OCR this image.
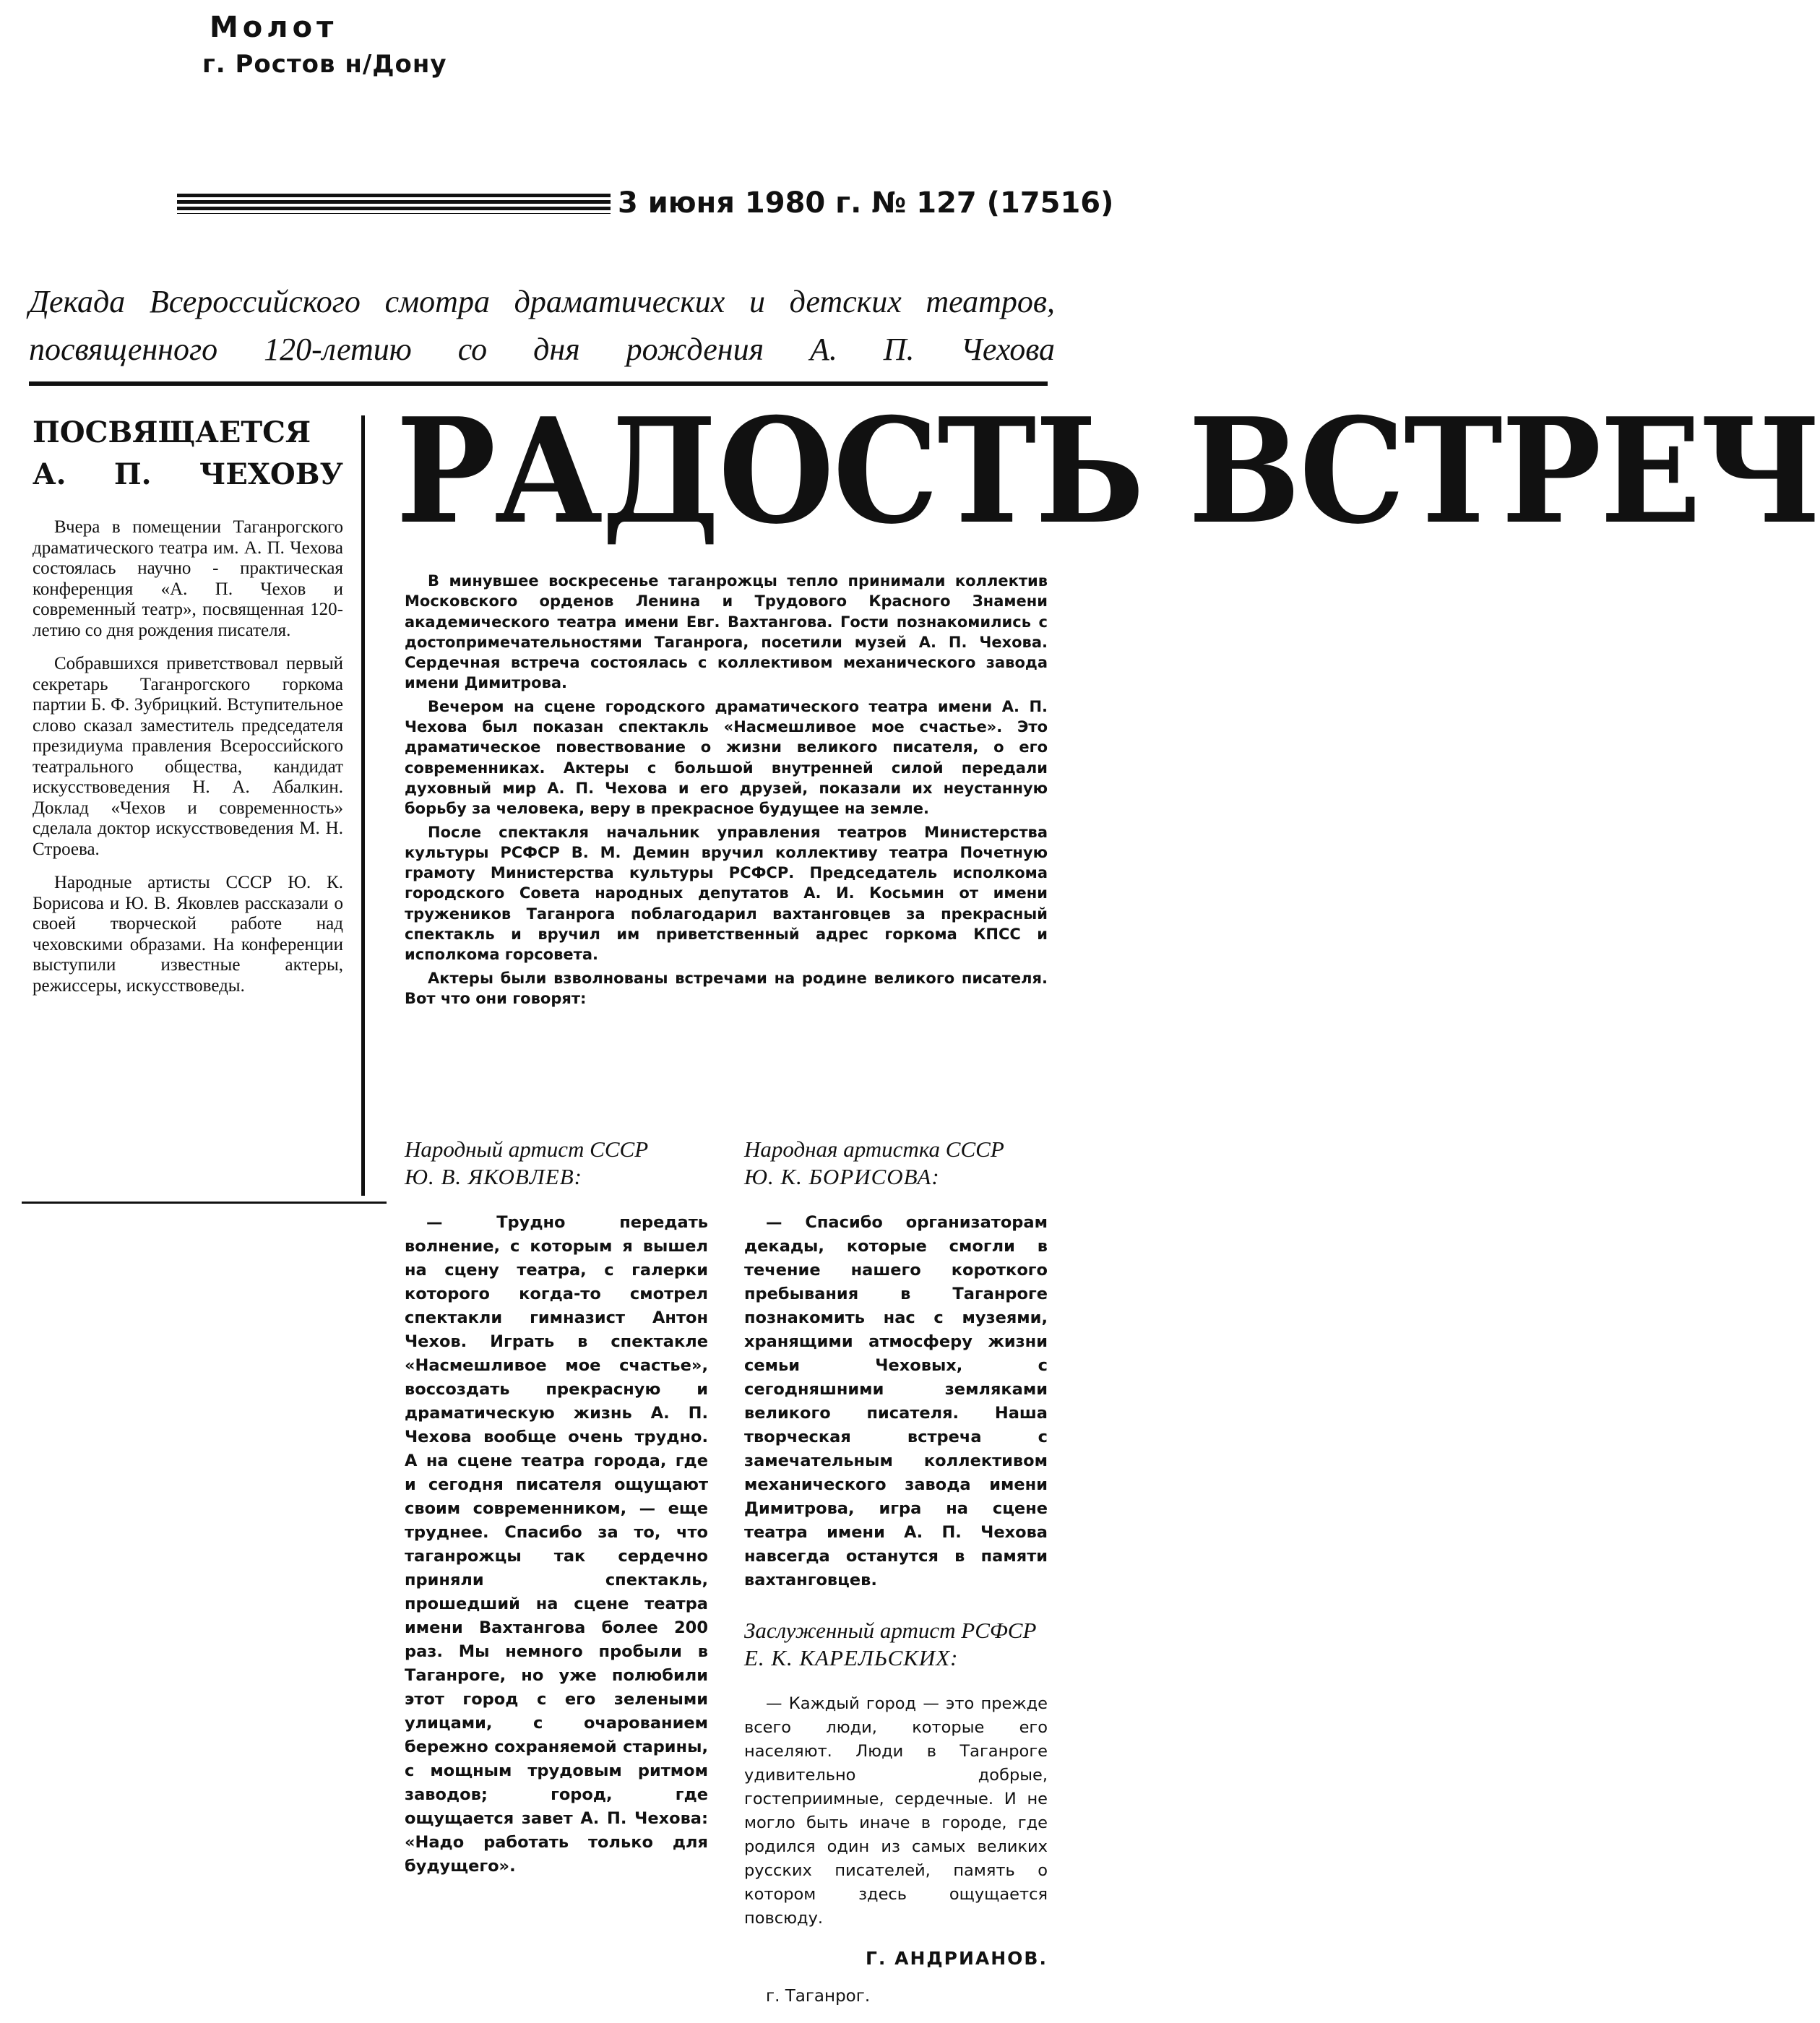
Молот
г. Ростов н/Дону
3 июня 1980 г. № 127 (17516)
Декада Всероссийского смотра драматических и детских театров, посвященного 120-летию со дня рождения А. П. Чехова
ПОСВЯЩАЕТСЯ
А. П. ЧЕХОВУ

Вчера в помещении Таганрогского драматического театра им. А. П. Чехова состоялась научно - практическая конференция «А. П. Чехов и современный театр», посвященная 120-летию со дня рождения писателя.

Собравшихся приветствовал первый секретарь Таганрогского горкома партии Б. Ф. Зубрицкий. Вступительное слово сказал заместитель председателя президиума правления Всероссийского театрального общества, кандидат искусствоведения Н. А. Абалкин. Доклад «Чехов и современность» сделала доктор искусствоведения М. Н. Строева.

Народные артисты СССР Ю. К. Борисова и Ю. В. Яковлев рассказали о своей творческой работе над чеховскими образами. На конференции выступили известные актеры, режиссеры, искусствоведы.

РАДОСТЬ ВСТРЕЧ

В минувшее воскресенье таганрожцы тепло принимали коллектив Московского орденов Ленина и Трудового Красного Знамени академического театра имени Евг. Вахтангова. Гости познакомились с достопримечательностями Таганрога, посетили музей А. П. Чехова. Сердечная встреча состоялась с коллективом механического завода имени Димитрова.

Вечером на сцене городского драматического театра имени А. П. Чехова был показан спектакль «Насмешливое мое счастье». Это драматическое повествование о жизни великого писателя, о его современниках. Актеры с большой внутренней силой передали духовный мир А. П. Чехова и его друзей, показали их неустанную борьбу за человека, веру в прекрасное будущее на земле.

После спектакля начальник управления театров Министерства культуры РСФСР В. М. Демин вручил коллективу театра Почетную грамоту Министерства культуры РСФСР. Председатель исполкома городского Совета народных депутатов А. И. Косьмин от имени тружеников Таганрога поблагодарил вахтанговцев за прекрасный спектакль и вручил им приветственный адрес горкома КПСС и исполкома горсовета.

Актеры были взволнованы встречами на родине великого писателя. Вот что они говорят:

Народный артист СССР
Ю. В. ЯКОВЛЕВ:

— Трудно передать волнение, с которым я вышел на сцену театра, с галерки которого когда-то смотрел спектакли гимназист Антон Чехов. Играть в спектакле «Насмешливое мое счастье», воссоздать прекрасную и драматическую жизнь А. П. Чехова вообще очень трудно. А на сцене театра города, где и сегодня писателя ощущают своим современником, — еще труднее. Спасибо за то, что таганрожцы так сердечно приняли спектакль, прошедший на сцене театра имени Вахтангова более 200 раз. Мы немного пробыли в Таганроге, но уже полюбили этот город с его зелеными улицами, с очарованием бережно сохраняемой старины, с мощным трудовым ритмом заводов; город, где ощущается завет А. П. Чехова: «Надо работать только для будущего».

Народная артистка СССР
Ю. К. БОРИСОВА:

— Спасибо организаторам декады, которые смогли в течение нашего короткого пребывания в Таганроге познакомить нас с музеями, хранящими атмосферу жизни семьи Чеховых, с сегодняшними земляками великого писателя. Наша творческая встреча с замечательным коллективом механического завода имени Димитрова, игра на сцене театра имени А. П. Чехова навсегда останутся в памяти вахтанговцев.

Заслуженный артист РСФСР
Е. К. КАРЕЛЬСКИХ:

— Каждый город — это прежде всего люди, которые его населяют. Люди в Таганроге удивительно добрые, гостеприимные, сердечные. И не могло быть иначе в городе, где родился один из самых великих русских писателей, память о котором здесь ощущается повсюду.

Г. АНДРИАНОВ.
г. Таганрог.
